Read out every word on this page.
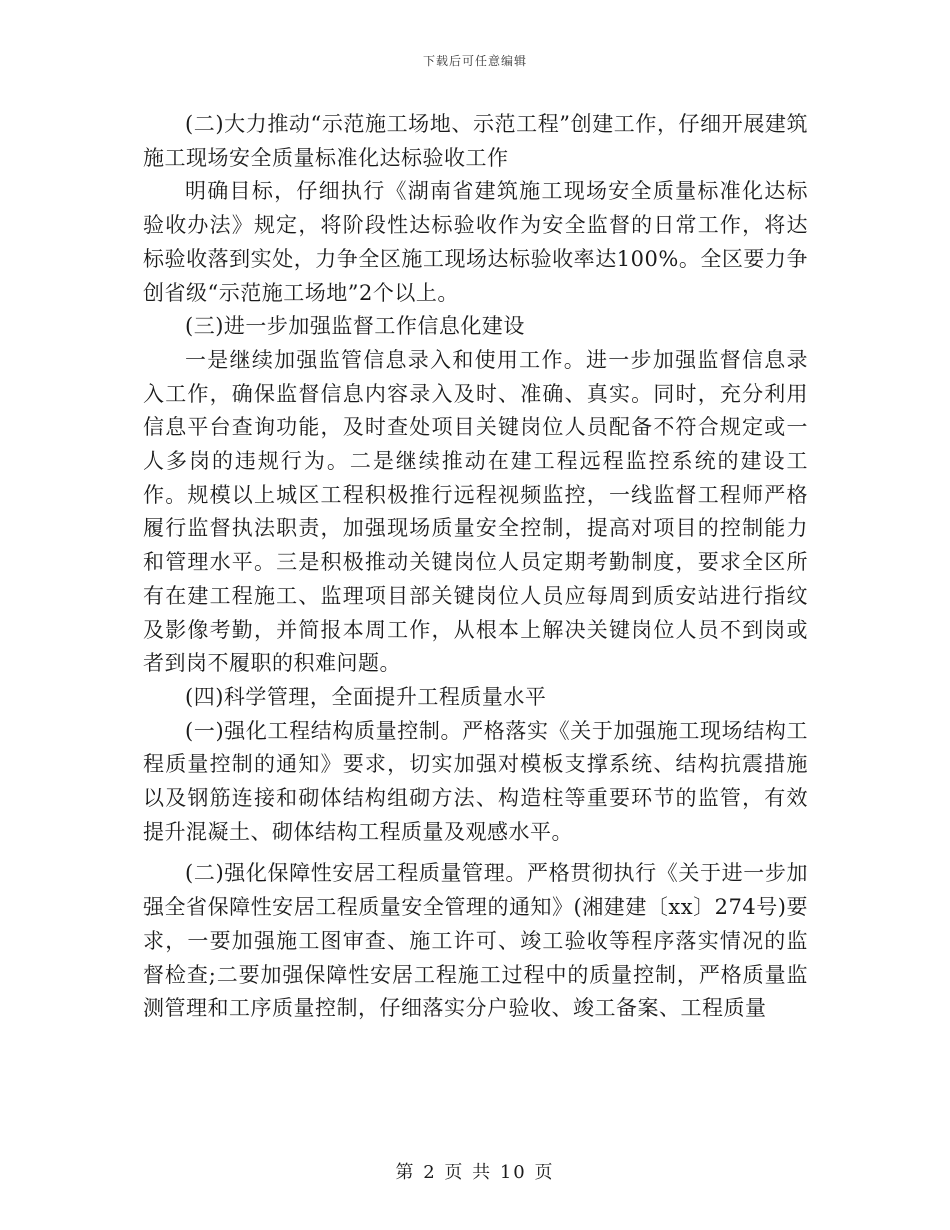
下载后可任意编辑

(二)大力推动“示范施工场地、示范工程”创建工作，仔细开展建筑施工现场安全质量标准化达标验收工作

明确目标，仔细执行《湖南省建筑施工现场安全质量标准化达标验收办法》规定，将阶段性达标验收作为安全监督的日常工作，将达标验收落到实处，力争全区施工现场达标验收率达100%。全区要力争创省级“示范施工场地”2个以上。

(三)进一步加强监督工作信息化建设

一是继续加强监管信息录入和使用工作。进一步加强监督信息录入工作，确保监督信息内容录入及时、准确、真实。同时，充分利用信息平台查询功能，及时查处项目关键岗位人员配备不符合规定或一人多岗的违规行为。二是继续推动在建工程远程监控系统的建设工作。规模以上城区工程积极推行远程视频监控，一线监督工程师严格履行监督执法职责，加强现场质量安全控制，提高对项目的控制能力和管理水平。三是积极推动关键岗位人员定期考勤制度，要求全区所有在建工程施工、监理项目部关键岗位人员应每周到质安站进行指纹及影像考勤，并简报本周工作，从根本上解决关键岗位人员不到岗或者到岗不履职的积难问题。

(四)科学管理，全面提升工程质量水平

(一)强化工程结构质量控制。严格落实《关于加强施工现场结构工程质量控制的通知》要求，切实加强对模板支撑系统、结构抗震措施以及钢筋连接和砌体结构组砌方法、构造柱等重要环节的监管，有效提升混凝土、砌体结构工程质量及观感水平。

(二)强化保障性安居工程质量管理。严格贯彻执行《关于进一步加强全省保障性安居工程质量安全管理的通知》(湘建建〔xx〕274号)要求，一要加强施工图审查、施工许可、竣工验收等程序落实情况的监督检查;二要加强保障性安居工程施工过程中的质量控制，严格质量监测管理和工序质量控制，仔细落实分户验收、竣工备案、工程质量

第 2 页 共 10 页
